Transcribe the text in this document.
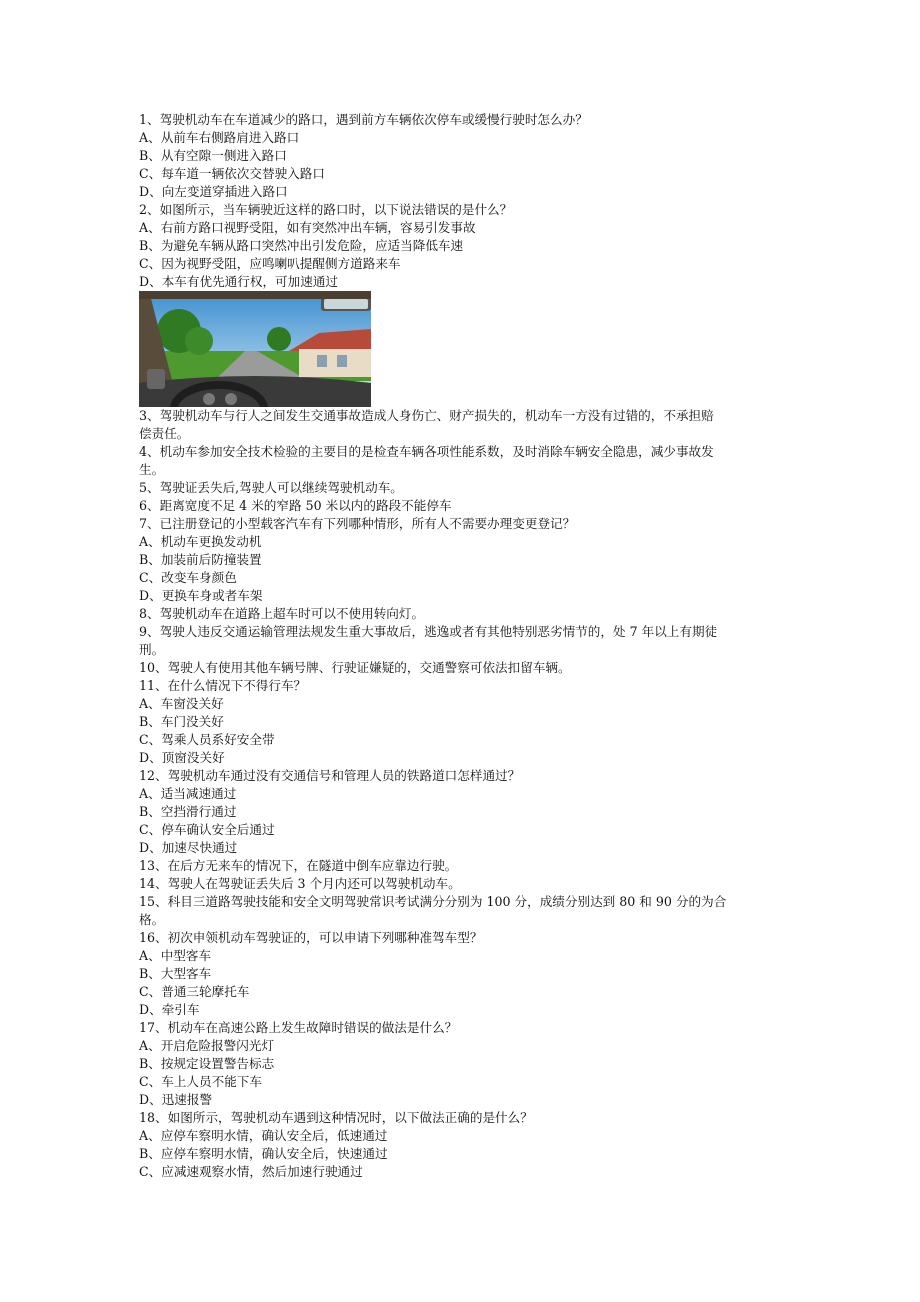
1、驾驶机动车在车道减少的路口，遇到前方车辆依次停车或缓慢行驶时怎么办？
A、从前车右侧路肩进入路口
B、从有空隙一侧进入路口
C、每车道一辆依次交替驶入路口
D、向左变道穿插进入路口
2、如图所示，当车辆驶近这样的路口时，以下说法错误的是什么？
A、右前方路口视野受阻，如有突然冲出车辆，容易引发事故
B、为避免车辆从路口突然冲出引发危险，应适当降低车速
C、因为视野受阻，应鸣喇叭提醒侧方道路来车
D、本车有优先通行权，可加速通过
3、驾驶机动车与行人之间发生交通事故造成人身伤亡、财产损失的，机动车一方没有过错的，不承担赔
偿责任。
4、机动车参加安全技术检验的主要目的是检查车辆各项性能系数，及时消除车辆安全隐患，减少事故发
生。
5、驾驶证丢失后,驾驶人可以继续驾驶机动车。
6、距离宽度不足 4 米的窄路 50 米以内的路段不能停车
7、已注册登记的小型载客汽车有下列哪种情形，所有人不需要办理变更登记？
A、机动车更换发动机
B、加装前后防撞装置
C、改变车身颜色
D、更换车身或者车架
8、驾驶机动车在道路上超车时可以不使用转向灯。
9、驾驶人违反交通运输管理法规发生重大事故后，逃逸或者有其他特别恶劣情节的，处 7 年以上有期徒
刑。
10、驾驶人有使用其他车辆号牌、行驶证嫌疑的，交通警察可依法扣留车辆。
11、在什么情况下不得行车？
A、车窗没关好
B、车门没关好
C、驾乘人员系好安全带
D、顶窗没关好
12、驾驶机动车通过没有交通信号和管理人员的铁路道口怎样通过？
A、适当减速通过
B、空挡滑行通过
C、停车确认安全后通过
D、加速尽快通过
13、在后方无来车的情况下，在隧道中倒车应靠边行驶。
14、驾驶人在驾驶证丢失后 3 个月内还可以驾驶机动车。
15、科目三道路驾驶技能和安全文明驾驶常识考试满分分别为 100 分，成绩分别达到 80 和 90 分的为合
格。
16、初次申领机动车驾驶证的，可以申请下列哪种准驾车型？
A、中型客车
B、大型客车
C、普通三轮摩托车
D、牵引车
17、机动车在高速公路上发生故障时错误的做法是什么？
A、开启危险报警闪光灯
B、按规定设置警告标志
C、车上人员不能下车
D、迅速报警
18、如图所示，驾驶机动车遇到这种情况时，以下做法正确的是什么？
A、应停车察明水情，确认安全后，低速通过
B、应停车察明水情，确认安全后，快速通过
C、应减速观察水情，然后加速行驶通过
